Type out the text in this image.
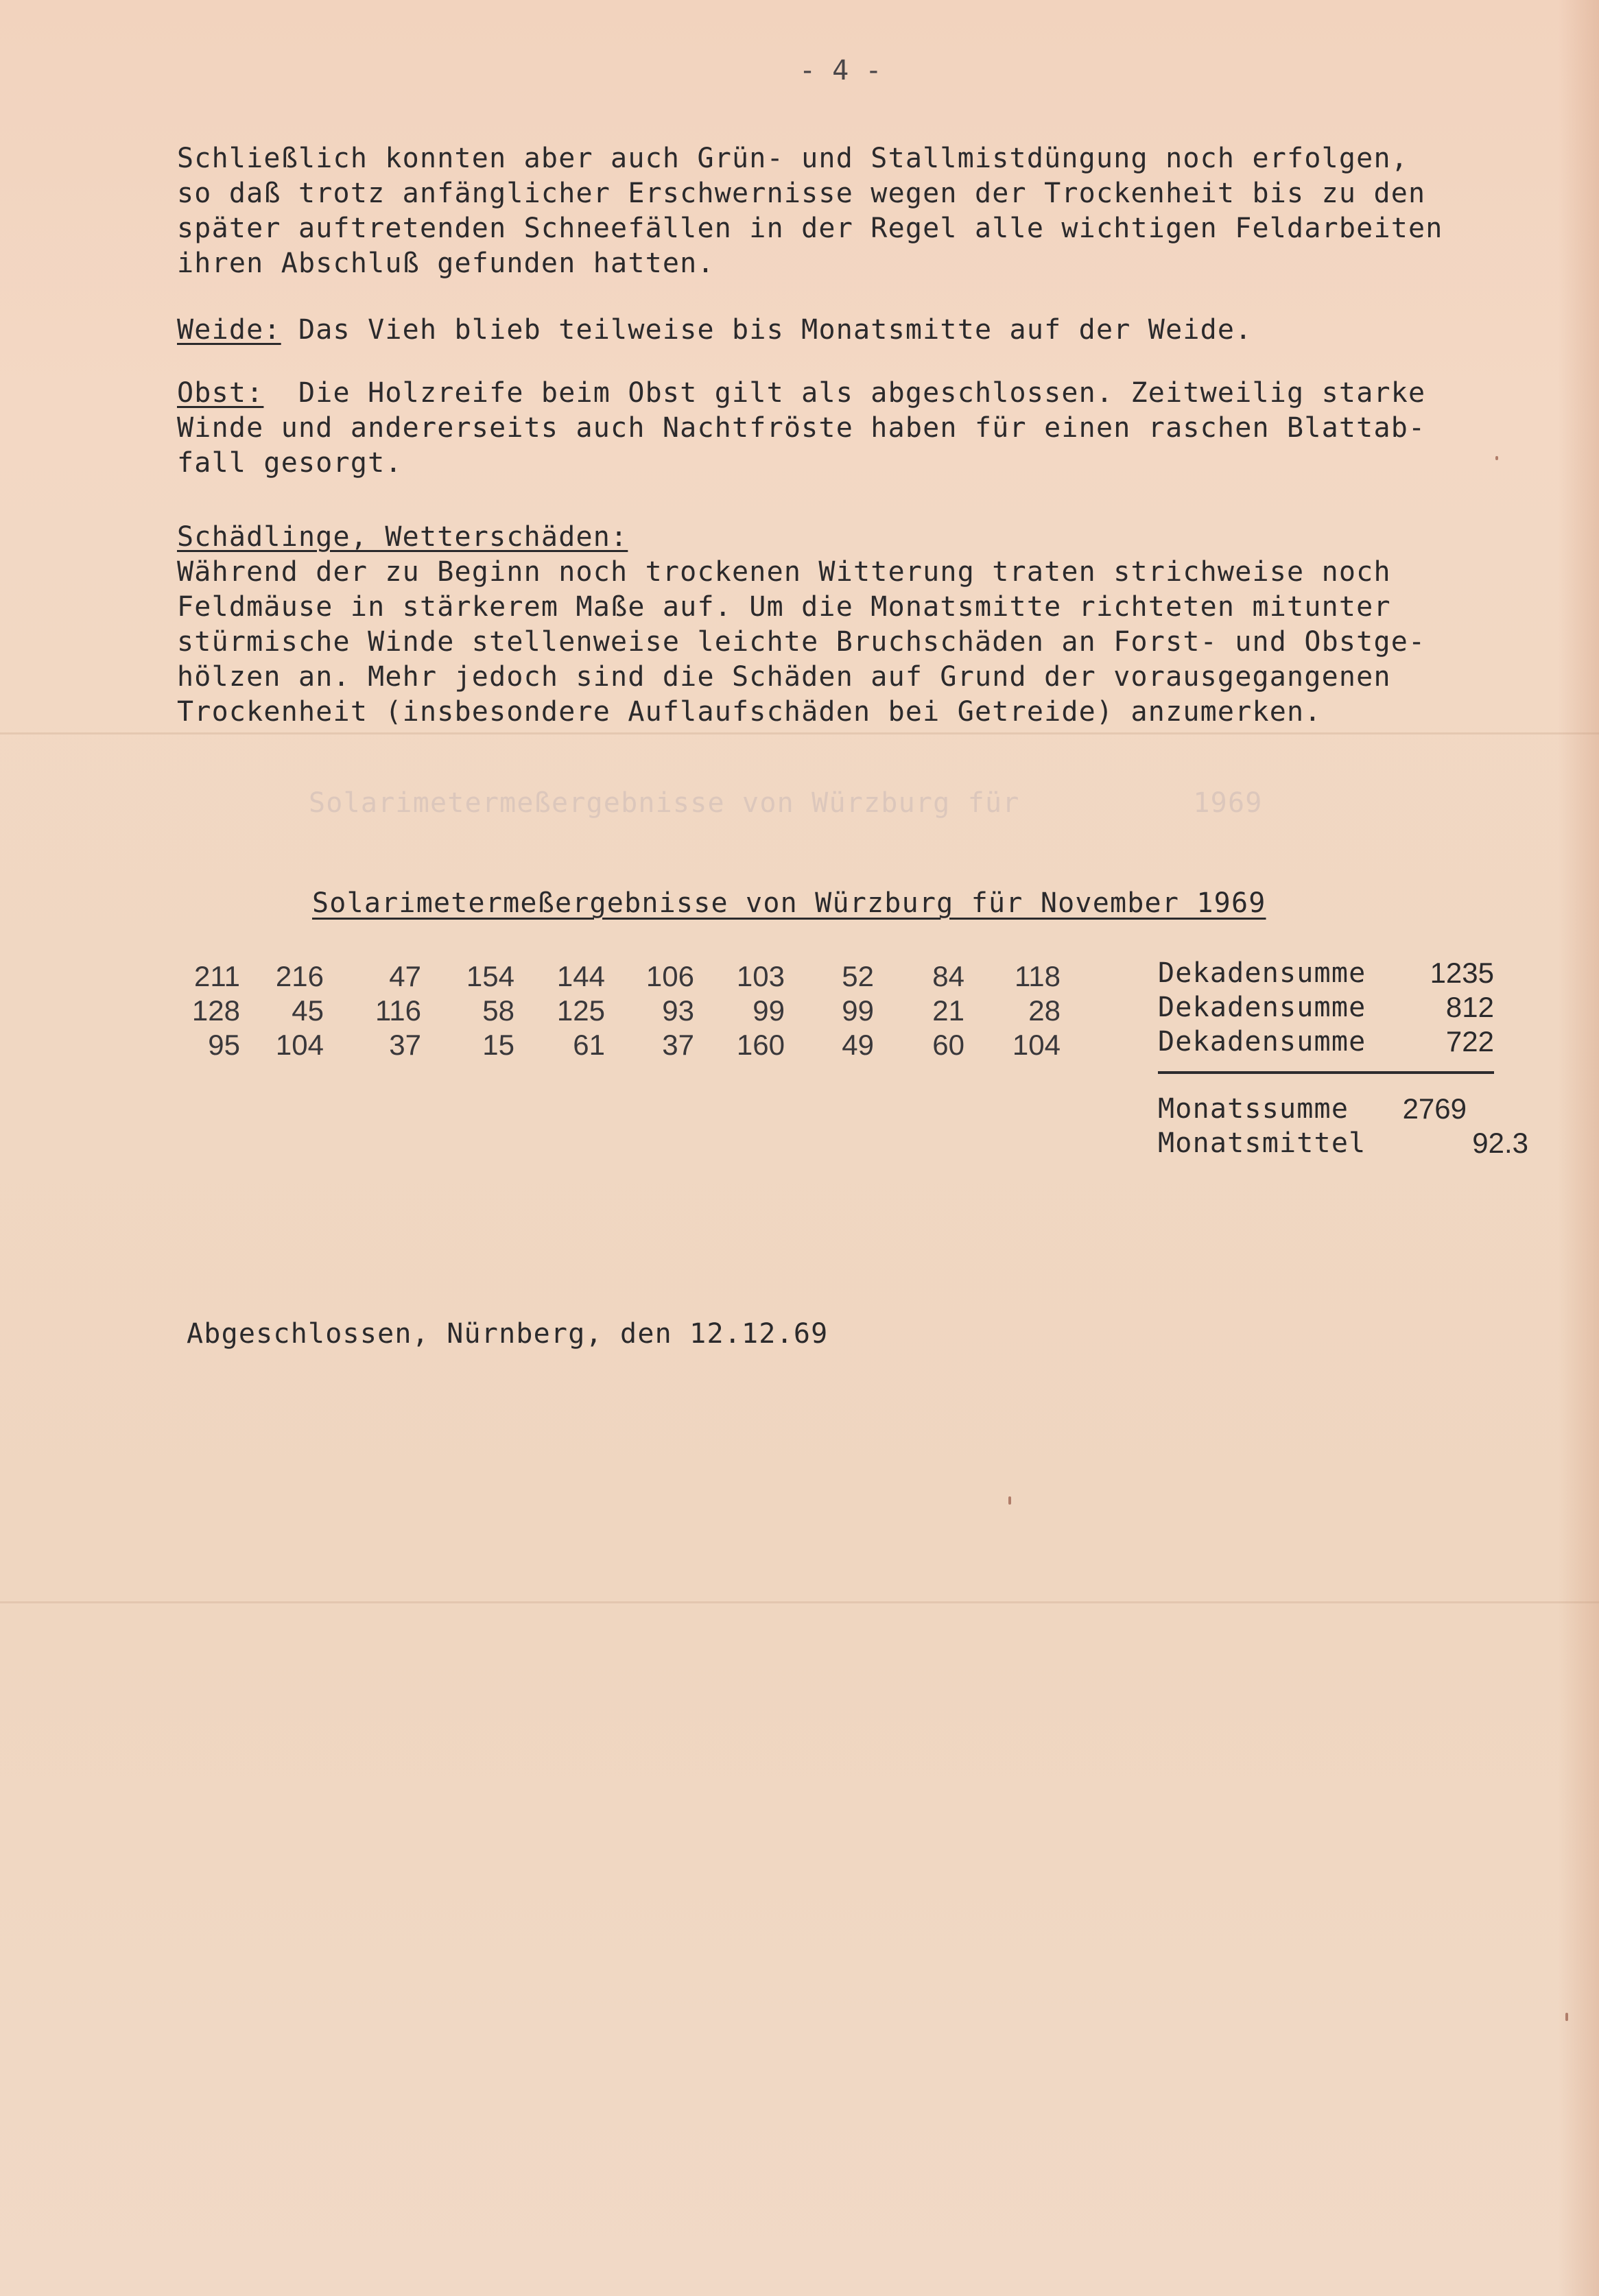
- 4 -
Schließlich konnten aber auch Grün- und Stallmistdüngung noch erfolgen,
so daß trotz anfänglicher Erschwernisse wegen der Trockenheit bis zu den
später auftretenden Schneefällen in der Regel alle wichtigen Feldarbeiten
ihren Abschluß gefunden hatten.
Weide: Das Vieh blieb teilweise bis Monatsmitte auf der Weide.
Obst:  Die Holzreife beim Obst gilt als abgeschlossen. Zeitweilig starke
Winde und andererseits auch Nachtfröste haben für einen raschen Blattab-
fall gesorgt.
Schädlinge, Wetterschäden:
Während der zu Beginn noch trockenen Witterung traten strichweise noch
Feldmäuse in stärkerem Maße auf. Um die Monatsmitte richteten mitunter
stürmische Winde stellenweise leichte Bruchschäden an Forst- und Obstge-
hölzen an. Mehr jedoch sind die Schäden auf Grund der vorausgegangenen
Trockenheit (insbesondere Auflaufschäden bei Getreide) anzumerken.
Solarimetermeßergebnisse von Würzburg für          1969
Solarimetermeßergebnisse von Würzburg für November 1969
211	216	47	154	144	106	103	52	84	118
128	45	116	58	125	93	99	99	21	28
95	104	37	15	61	37	160	49	60	104
Dekadensumme	1235
Dekadensumme	812
Dekadensumme	722
Monatssumme	2769
Monatsmittel	92.3
Abgeschlossen, Nürnberg, den 12.12.69
